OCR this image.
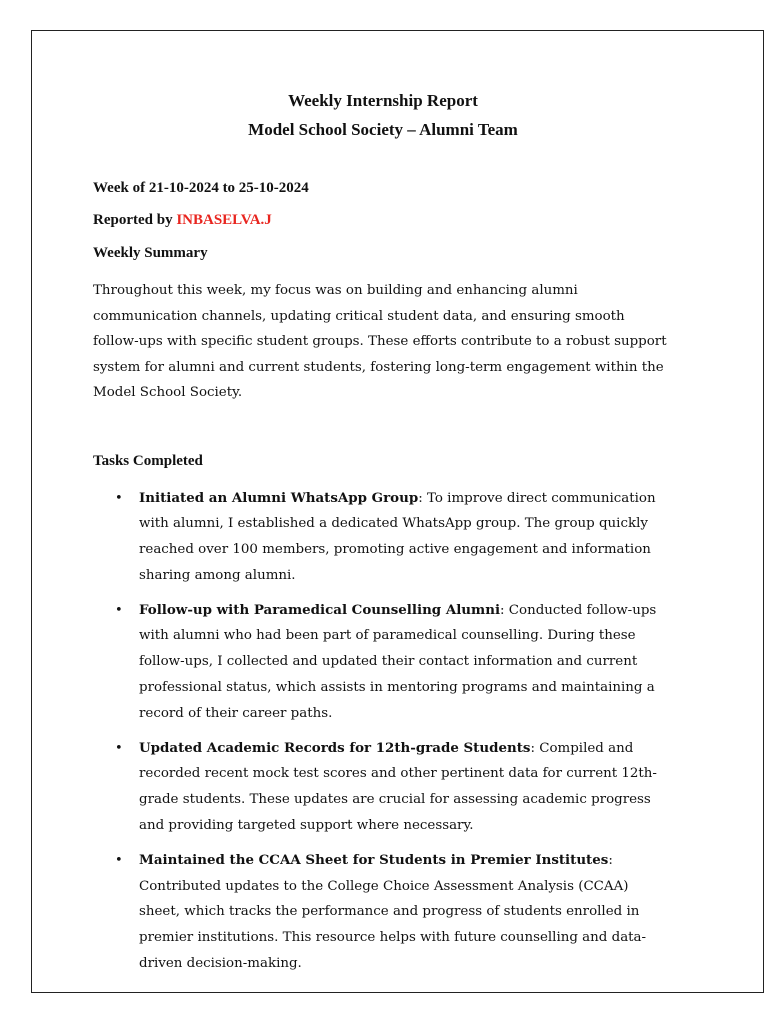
Weekly Internship Report

Model School Society – Alumni Team

Week of 21-10-2024 to 25-10-2024

Reported by INBASELVA.J

Weekly Summary

Throughout this week, my focus was on building and enhancing alumni communication channels, updating critical student data, and ensuring smooth follow-ups with specific student groups. These efforts contribute to a robust support system for alumni and current students, fostering long-term engagement within the Model School Society.

Tasks Completed

• Initiated an Alumni WhatsApp Group: To improve direct communication with alumni, I established a dedicated WhatsApp group. The group quickly reached over 100 members, promoting active engagement and information sharing among alumni.
• Follow-up with Paramedical Counselling Alumni: Conducted follow-ups with alumni who had been part of paramedical counselling. During these follow-ups, I collected and updated their contact information and current professional status, which assists in mentoring programs and maintaining a record of their career paths.
• Updated Academic Records for 12th-grade Students: Compiled and recorded recent mock test scores and other pertinent data for current 12th-grade students. These updates are crucial for assessing academic progress and providing targeted support where necessary.
• Maintained the CCAA Sheet for Students in Premier Institutes: Contributed updates to the College Choice Assessment Analysis (CCAA) sheet, which tracks the performance and progress of students enrolled in premier institutions. This resource helps with future counselling and data-driven decision-making.
